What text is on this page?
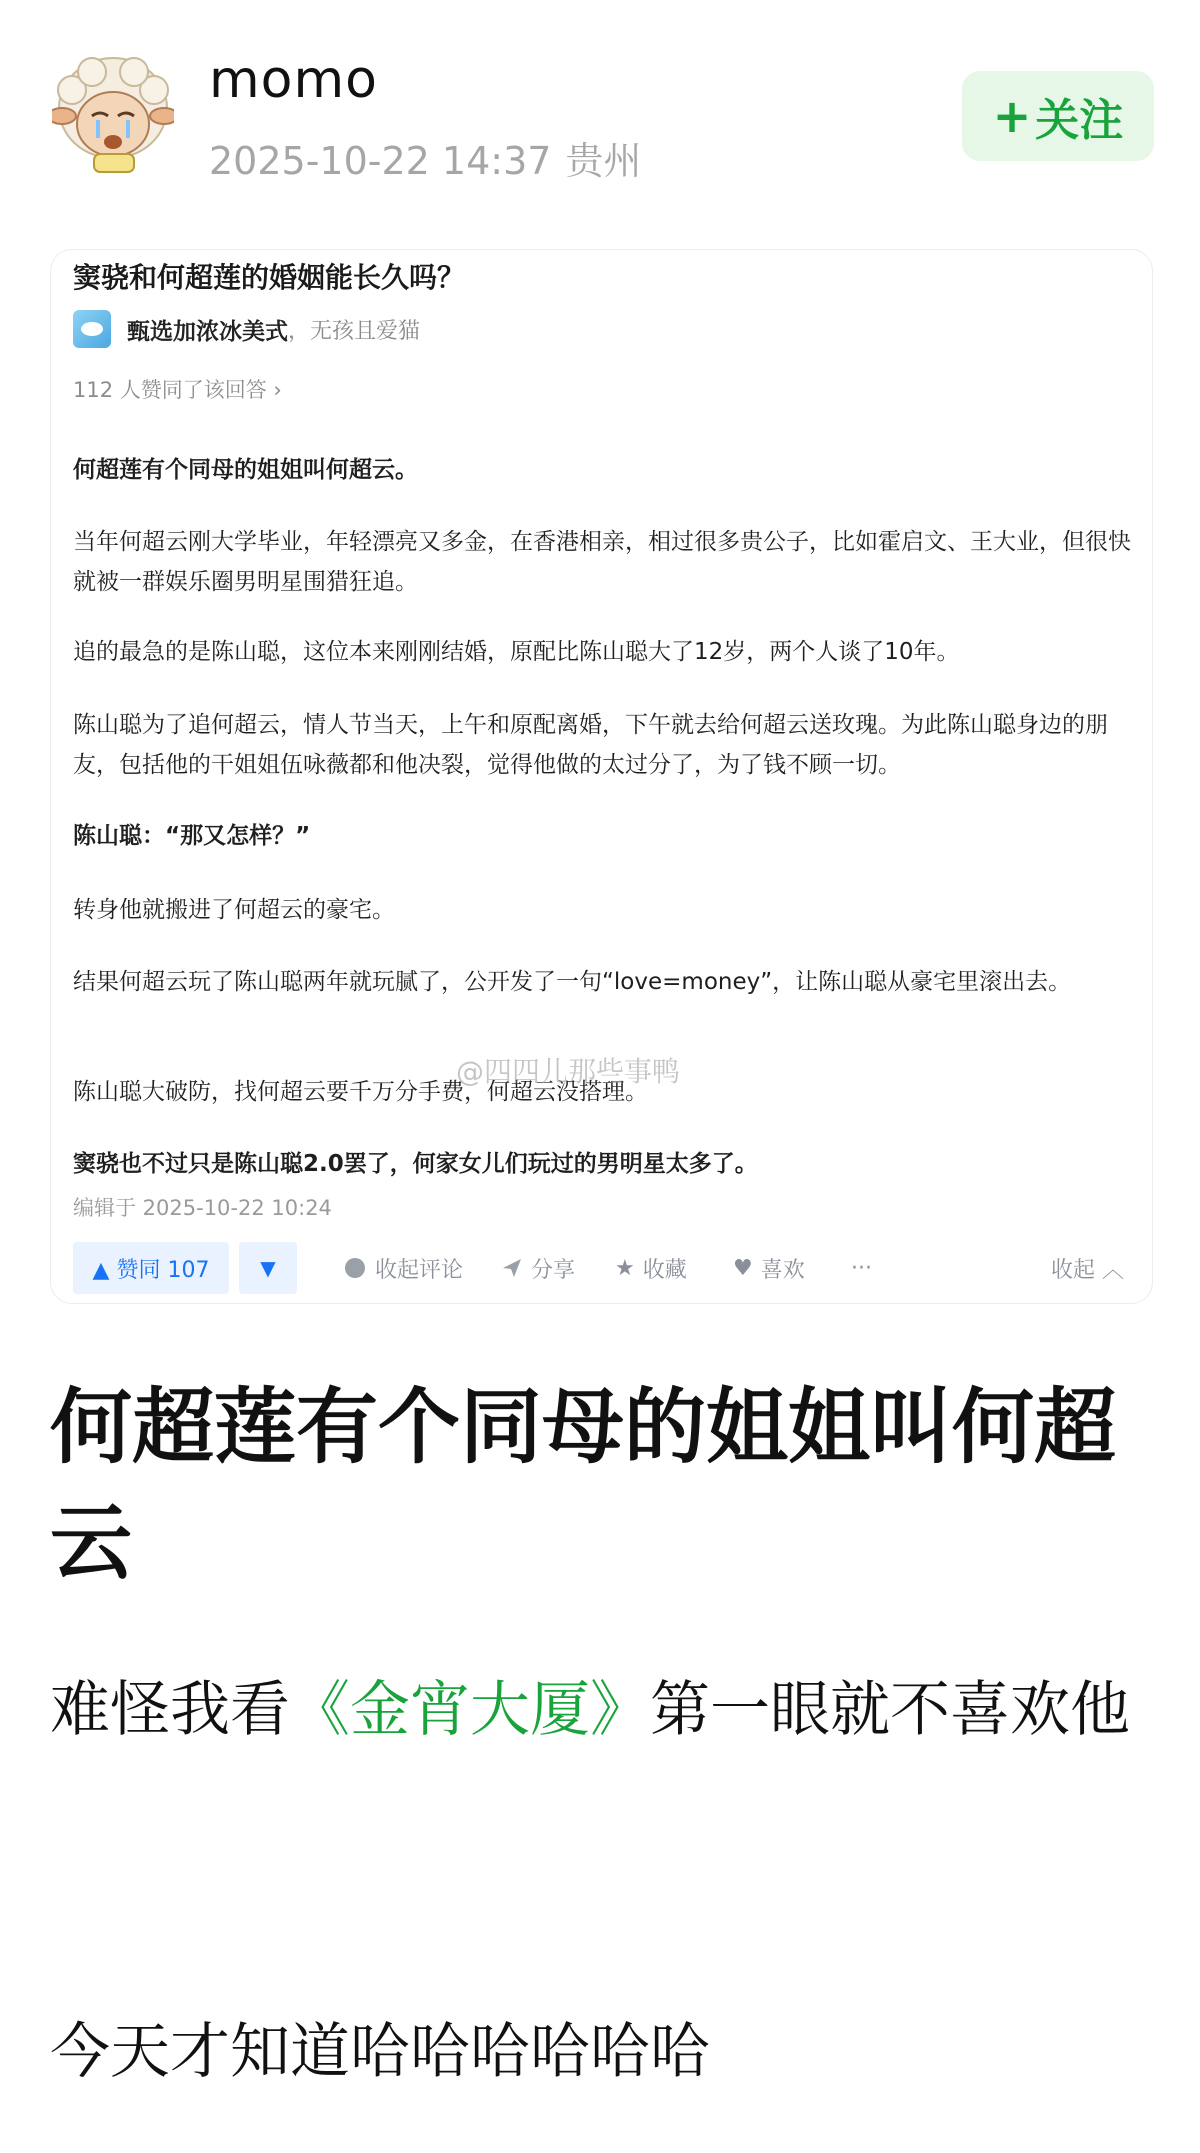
momo
2025-10-22 14:37 贵州
+ 关注
窦骁和何超莲的婚姻能长久吗？
甄选加浓冰美式 ，无孩且爱猫
112 人赞同了该回答 ›
何超莲有个同母的姐姐叫何超云。
当年何超云刚大学毕业，年轻漂亮又多金，在香港相亲，相过很多贵公子，比如霍启文、王大业，但很快就被一群娱乐圈男明星围猎狂追。
追的最急的是陈山聪，这位本来刚刚结婚，原配比陈山聪大了12岁，两个人谈了10年。
陈山聪为了追何超云，情人节当天，上午和原配离婚，下午就去给何超云送玫瑰。为此陈山聪身边的朋友，包括他的干姐姐伍咏薇都和他决裂，觉得他做的太过分了，为了钱不顾一切。
陈山聪：“那又怎样？”
转身他就搬进了何超云的豪宅。
结果何超云玩了陈山聪两年就玩腻了，公开发了一句“love=money”，让陈山聪从豪宅里滚出去。
陈山聪大破防，找何超云要千万分手费，何超云没搭理。
窦骁也不过只是陈山聪2.0罢了，何家女儿们玩过的男明星太多了。
@四四儿那些事鸭
编辑于 2025-10-22 10:24
▲ 赞同 107	▼	收起评论	分享 ★ 收藏 ♥ 喜欢 ···	收起 ︿
何超莲有个同母的姐姐叫何超云
难怪我看《金宵大厦》第一眼就不喜欢他
今天才知道哈哈哈哈哈哈
